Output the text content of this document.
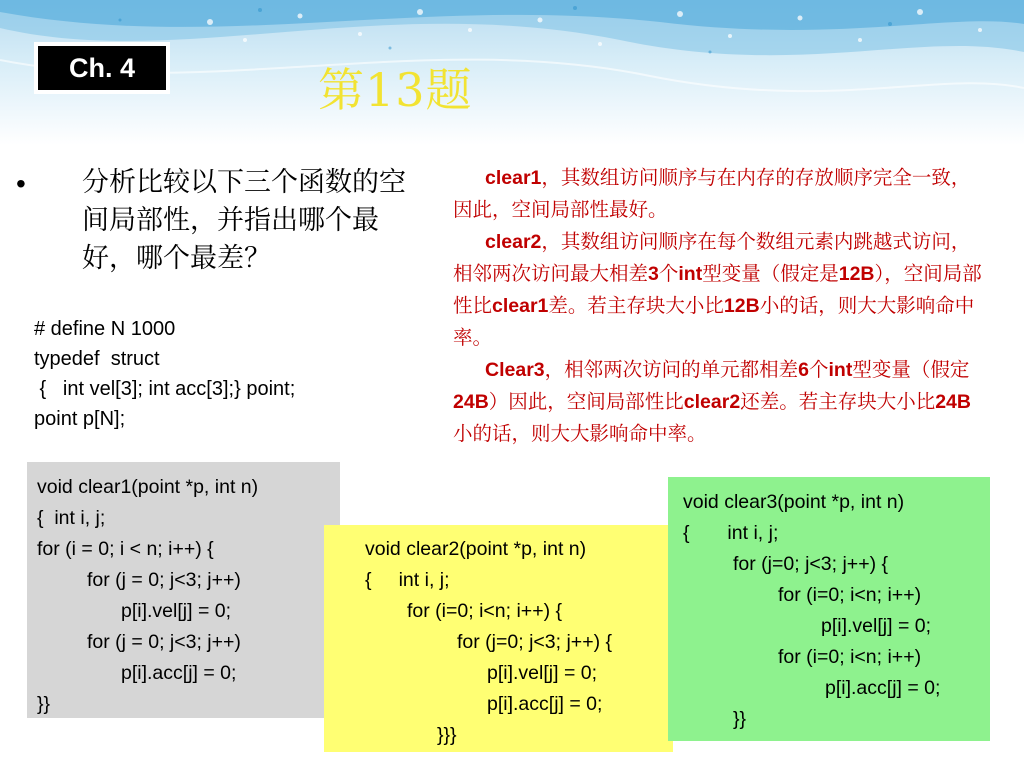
Ch. 4	第13题
• 分析比较以下三个函数的空间局部性，并指出哪个最好，哪个最差？
# define N 1000
typedef  struct
{   int vel[3]; int acc[3];} point;
point p[N];

clear1，其数组访问顺序与在内存的存放顺序完全一致，因此，空间局部性最好。

clear2，其数组访问顺序在每个数组元素内跳越式访问，相邻两次访问最大相差3个int型变量（假定是12B），空间局部性比clear1差。若主存块大小比12B小的话，则大大影响命中率。

Clear3，相邻两次访问的单元都相差6个int型变量（假定24B）因此，空间局部性比clear2还差。若主存块大小比24B小的话，则大大影响命中率。

void clear1(point *p, int n)
{  int i, j;
for (i = 0; i < n; i++) {
for (j = 0; j<3; j++)
p[i].vel[j] = 0;
for (j = 0; j<3; j++)
p[i].acc[j] = 0;
}}
void clear2(point *p, int n)
{     int i, j;
for (i=0; i<n; i++) {
for (j=0; j<3; j++) {
p[i].vel[j] = 0;
p[i].acc[j] = 0;
}}}
void clear3(point *p, int n)
{       int i, j;
for (j=0; j<3; j++) {
for (i=0; i<n; i++)
p[i].vel[j] = 0;
for (i=0; i<n; i++)
p[i].acc[j] = 0;
}}
